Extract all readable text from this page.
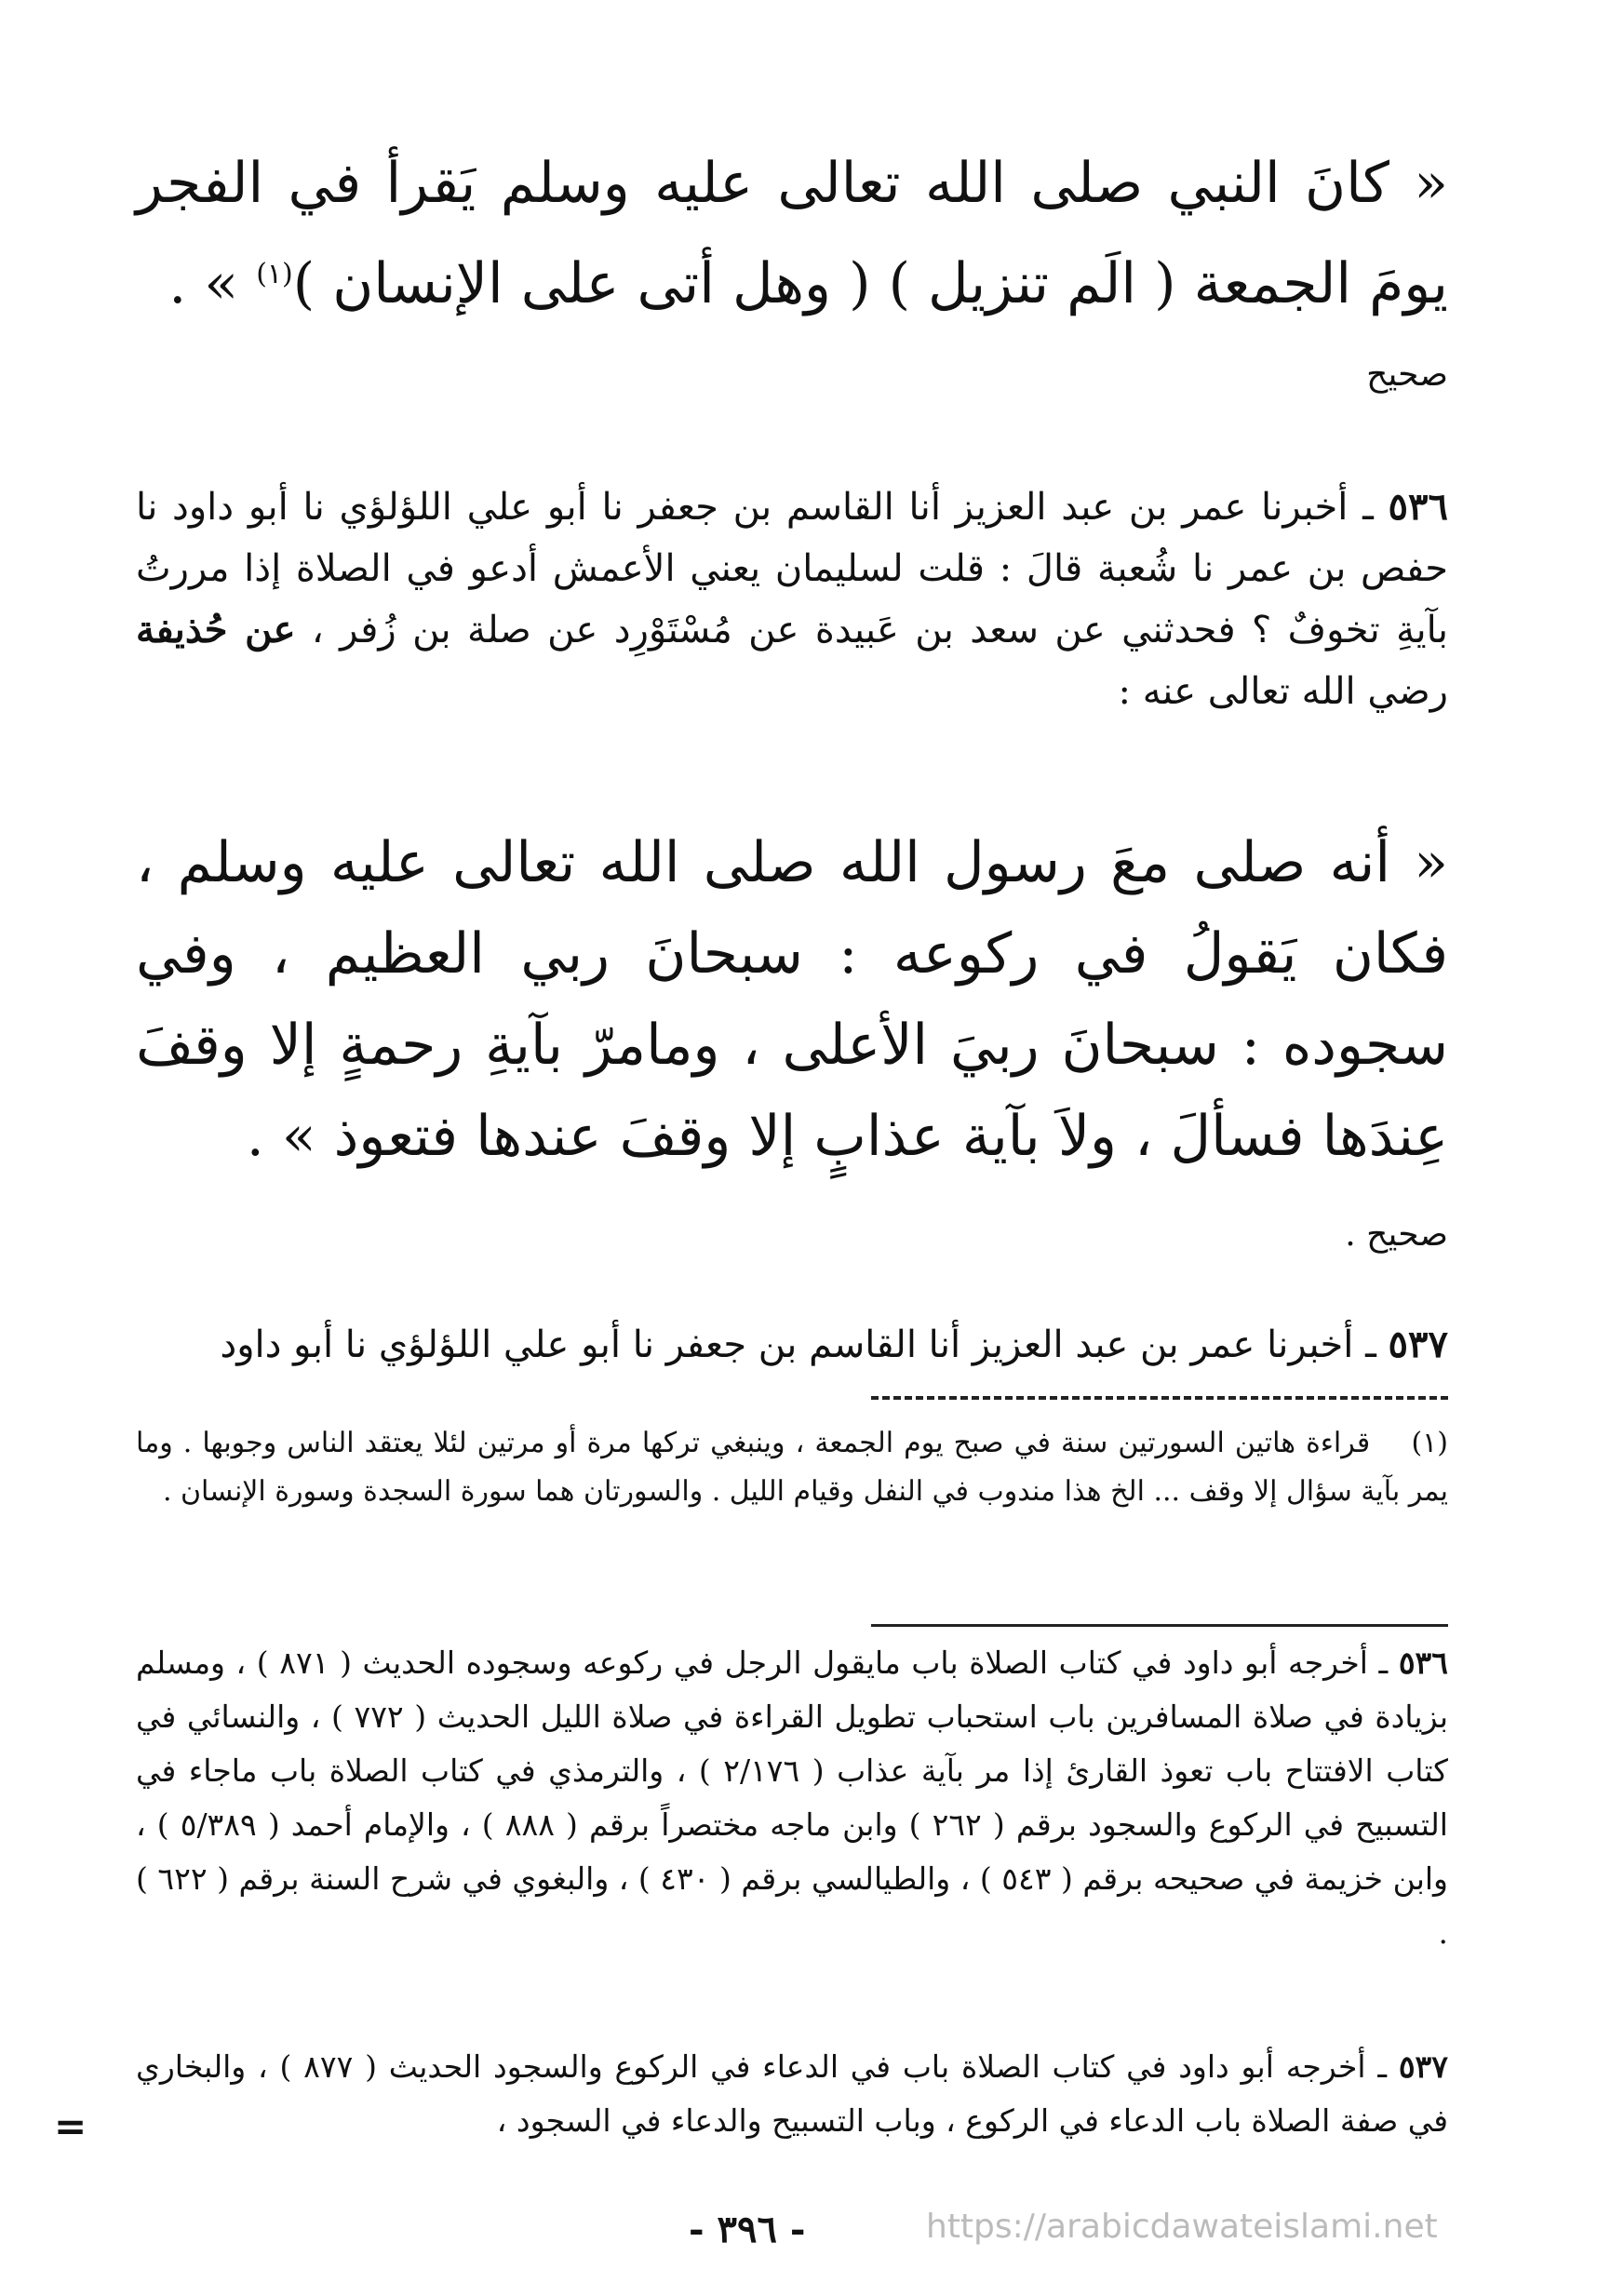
« كانَ النبي صلى الله تعالى عليه وسلم يَقرأ في الفجر يومَ الجمعة ( الَم تنزيل ) ( وهل أتى على الإنسان )$^{(١)}$ » .
صحيح
٥٣٦ ـ أخبرنا عمر بن عبد العزيز أنا القاسم بن جعفر نا أبو علي اللؤلؤي نا أبو داود نا حفص بن عمر نا شُعبة قالَ : قلت لسليمان يعني الأعمش أدعو في الصلاة إذا مررتُ بآيةِ تخوفٌ ؟ فحدثني عن سعد بن عَبيدة عن مُسْتَوْرِد عن صلة بن زُفر ، عن حُذيفة رضي الله تعالى عنه :
« أنه صلى معَ رسول الله صلى الله تعالى عليه وسلم ، فكان يَقولُ في ركوعه : سبحانَ ربي العظيم ، وفي سجوده : سبحانَ ربيَ الأعلى ، ومامرّ بآيةِ رحمةٍ إلا وقفَ عِندَها فسألَ ، ولاَ بآية عذابٍ إلا وقفَ عندها فتعوذ » .
صحيح .
٥٣٧ ـ أخبرنا عمر بن عبد العزيز أنا القاسم بن جعفر نا أبو علي اللؤلؤي نا أبو داود
(١)    قراءة هاتين السورتين سنة في صبح يوم الجمعة ، وينبغي تركها مرة أو مرتين لئلا يعتقد الناس وجوبها . وما يمر بآية سؤال إلا وقف ... الخ هذا مندوب في النفل وقيام الليل . والسورتان هما سورة السجدة وسورة الإنسان .
٥٣٦ ـ أخرجه أبو داود في كتاب الصلاة باب مايقول الرجل في ركوعه وسجوده الحديث ( ٨٧١ ) ، ومسلم بزيادة في صلاة المسافرين باب استحباب تطويل القراءة في صلاة الليل الحديث ( ٧٧٢ ) ، والنسائي في كتاب الافتتاح باب تعوذ القارئ إذا مر بآية عذاب ( ٢/١٧٦ ) ، والترمذي في كتاب الصلاة باب ماجاء في التسبيح في الركوع والسجود برقم ( ٢٦٢ ) وابن ماجه مختصراً برقم ( ٨٨٨ ) ، والإمام أحمد ( ٥/٣٨٩ ) ، وابن خزيمة في صحيحه برقم ( ٥٤٣ ) ، والطيالسي برقم ( ٤٣٠ ) ، والبغوي في شرح السنة برقم ( ٦٢٢ ) .
٥٣٧ ـ أخرجه أبو داود في كتاب الصلاة باب في الدعاء في الركوع والسجود الحديث ( ٨٧٧ ) ، والبخاري في صفة الصلاة باب الدعاء في الركوع ، وباب التسبيح والدعاء في السجود ،
=
- ٣٩٦ -	https://arabicdawateislami.net
